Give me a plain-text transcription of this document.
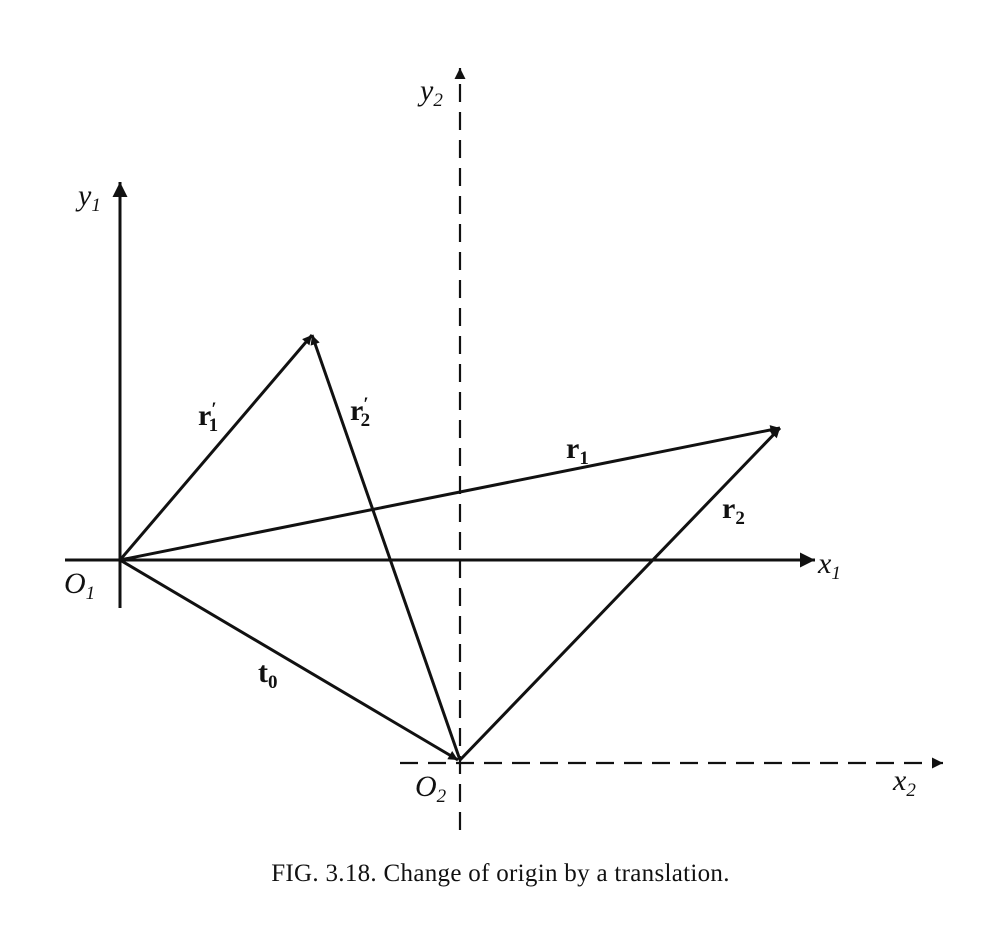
$y_1$
$y_2$
$x_1$
$x_2$
$O_1$
$O_2$
r′ 1	r′ 2
$r_1$
$r_2$
$t_0$
FIG. 3.18. Change of origin by a translation.
